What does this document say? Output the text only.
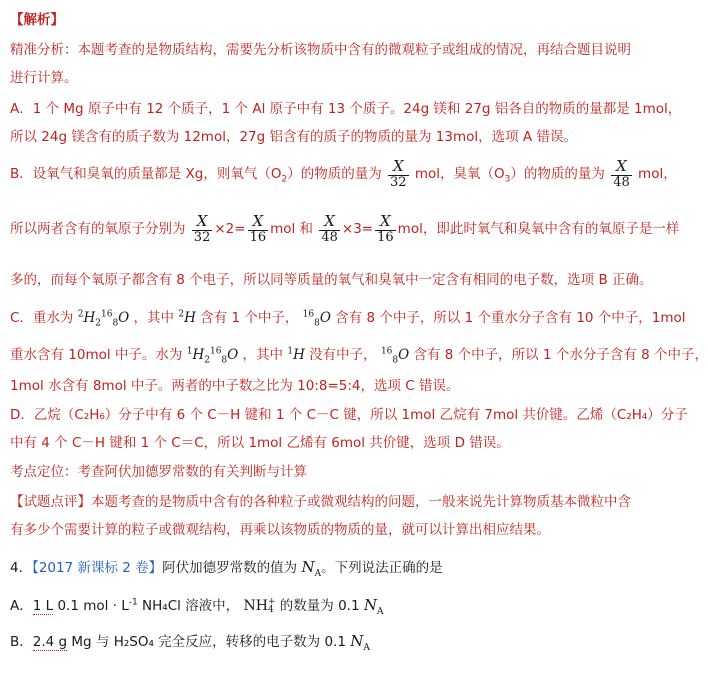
【解析】
精准分析：本题考查的是物质结构，需要先分析该物质中含有的微观粒子或组成的情况，再结合题目说明
进行计算。
A．1 个 Mg 原子中有 12 个质子，1 个 Al 原子中有 13 个质子。24g 镁和 27g 铝各自的物质的量都是 1mol，
所以 24g 镁含有的质子数为 12mol，27g 铝含有的质子的物质的量为 13mol，选项 A 错误。
B．设氧气和臭氧的质量都是 Xg，则氧气$(O_2)$的物质的量为 $\frac{X}{32}$ mol，臭氧$(O_3)$的物质的量为 $\frac{X}{48}$ mol，
所以两者含有的氧原子分别为 $\frac{X}{32} \times 2= \frac{X}{16}$ mol 和 $\frac{X}{48} \times 3= \frac{X}{16}$ mol，即此时氧气和臭氧中含有的氧原子是一样
多的，而每个氧原子都含有 8 个电子，所以同等质量的氧气和臭氧中一定含有相同的电子数，选项 B 正确。
C．重水为 $^2H_2^{16}_8O$ ，其中 $^2$H 含有 1 个中子， $^{16}_8$O 含有 8 个中子，所以 1 个重水分子含有 10 个中子，1mol
重水含有 10mol 中子。水为 $^1H_2^{16}_8O$ ，其中 $^1$H 没有中子， $^{16}_8$O 含有 8 个中子，所以 1 个水分子含有 8 个中子，
1mol 水含有 8mol 中子。两者的中子数之比为 10:8=5:4，选项 C 错误。
D．乙烷（C₂H₆）分子中有 6 个 C－H 键和 1 个 C－C 键，所以 1mol 乙烷有 7mol 共价键。乙烯（C₂H₄）分子
中有 4 个 C－H 键和 1 个 C＝C，所以 1mol 乙烯有 6mol 共价键，选项 D 错误。
考点定位：考查阿伏加德罗常数的有关判断与计算
【试题点评】本题考查的是物质中含有的各种粒子或微观结构的问题，一般来说先计算物质基本微粒中含
有多少个需要计算的粒子或微观结构，再乘以该物质的物质的量，就可以计算出相应结果。
4．【2017 新课标 2 卷】阿伏加德罗常数的值为 $N_A$。下列说法正确的是
A．1 L 0.1 mol · $L^{-1}$ NH₄Cl 溶液中， NH +
4 的数量为 0.1 $N_A$
B．2.4 g Mg 与 H₂SO₄ 完全反应，转移的电子数为 0.1 $N_A$
